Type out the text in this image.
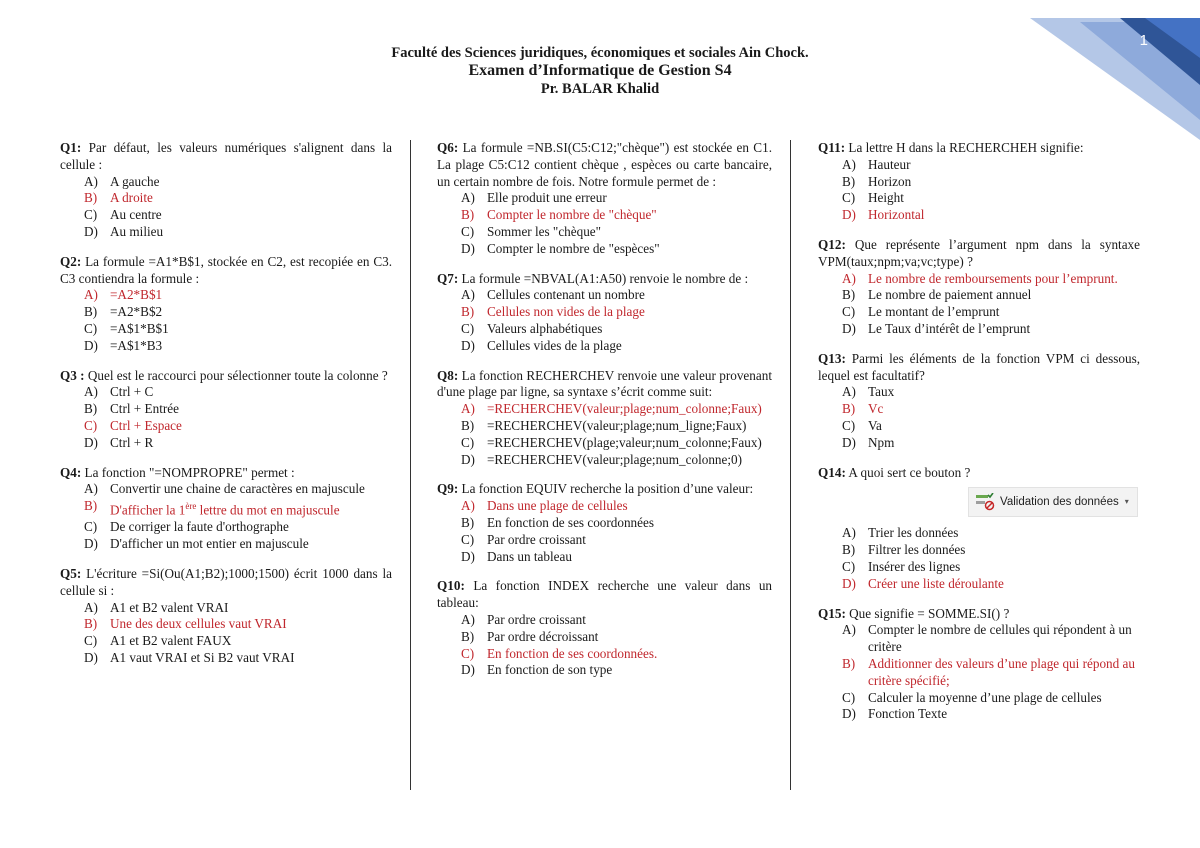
1
Faculté des Sciences juridiques, économiques et sociales Ain Chock.
Examen d’Informatique de Gestion S4
Pr. BALAR Khalid
Q1: Par défaut, les valeurs numériques s'alignent dans la cellule :
A) A gauche
B) A droite
C) Au centre
D) Au milieu
Q2: La formule =A1*B$1, stockée en C2, est recopiée en C3. C3 contiendra la formule :
A) =A2*B$1
B) =A2*B$2
C) =A$1*B$1
D) =A$1*B3
Q3 : Quel est le raccourci pour sélectionner toute la colonne ?
A) Ctrl + C
B) Ctrl + Entrée
C) Ctrl + Espace
D) Ctrl + R
Q4: La fonction "=NOMPROPRE" permet :
A) Convertir une chaine de caractères en majuscule
B) D'afficher la 1ère lettre du mot en majuscule
C) De corriger la faute d'orthographe
D) D'afficher un mot entier en majuscule
Q5: L'écriture =Si(Ou(A1;B2);1000;1500) écrit 1000 dans la cellule si :
A) A1 et B2 valent VRAI
B) Une des deux cellules vaut VRAI
C) A1 et B2 valent FAUX
D) A1 vaut VRAI et Si B2 vaut VRAI
Q6: La formule =NB.SI(C5:C12;"chèque") est stockée en C1. La plage C5:C12 contient chèque , espèces ou carte bancaire, un certain nombre de fois. Notre formule permet de :
A) Elle produit une erreur
B) Compter le nombre de "chèque"
C) Sommer les "chèque"
D) Compter le nombre de "espèces"
Q7: La formule =NBVAL(A1:A50) renvoie le nombre de :
A) Cellules contenant un nombre
B) Cellules non vides de la plage
C) Valeurs alphabétiques
D) Cellules vides de la plage
Q8: La fonction RECHERCHEV renvoie une valeur provenant d'une plage par ligne, sa syntaxe s’écrit comme suit:
A) =RECHERCHEV(valeur;plage;num_colonne;Faux)
B) =RECHERCHEV(valeur;plage;num_ligne;Faux)
C) =RECHERCHEV(plage;valeur;num_colonne;Faux)
D) =RECHERCHEV(valeur;plage;num_colonne;0)
Q9: La fonction EQUIV recherche la position d’une valeur:
A) Dans une plage de cellules
B) En fonction de ses coordonnées
C) Par ordre croissant
D) Dans un tableau
Q10: La fonction INDEX recherche une valeur dans un tableau:
A) Par ordre croissant
B) Par ordre décroissant
C) En fonction de ses coordonnées.
D) En fonction de son type
Q11: La lettre H dans la RECHERCHEH signifie:
A) Hauteur
B) Horizon
C) Height
D) Horizontal
Q12: Que représente l’argument npm dans la syntaxe VPM(taux;npm;va;vc;type) ?
A) Le nombre de remboursements pour l’emprunt.
B) Le nombre de paiement annuel
C) Le montant de l’emprunt
D) Le Taux d’intérêt de l’emprunt
Q13: Parmi les éléments de la fonction VPM ci dessous, lequel est facultatif?
A) Taux
B) Vc
C) Va
D) Npm
Q14: A quoi sert ce bouton ?
Validation des données ▾
A) Trier les données
B) Filtrer les données
C) Insérer des lignes
D) Créer une liste déroulante
Q15: Que signifie = SOMME.SI() ?
A) Compter le nombre de cellules qui répondent à un critère
B) Additionner des valeurs d’une plage qui répond au critère spécifié;
C) Calculer la moyenne d’une plage de cellules
D) Fonction Texte
